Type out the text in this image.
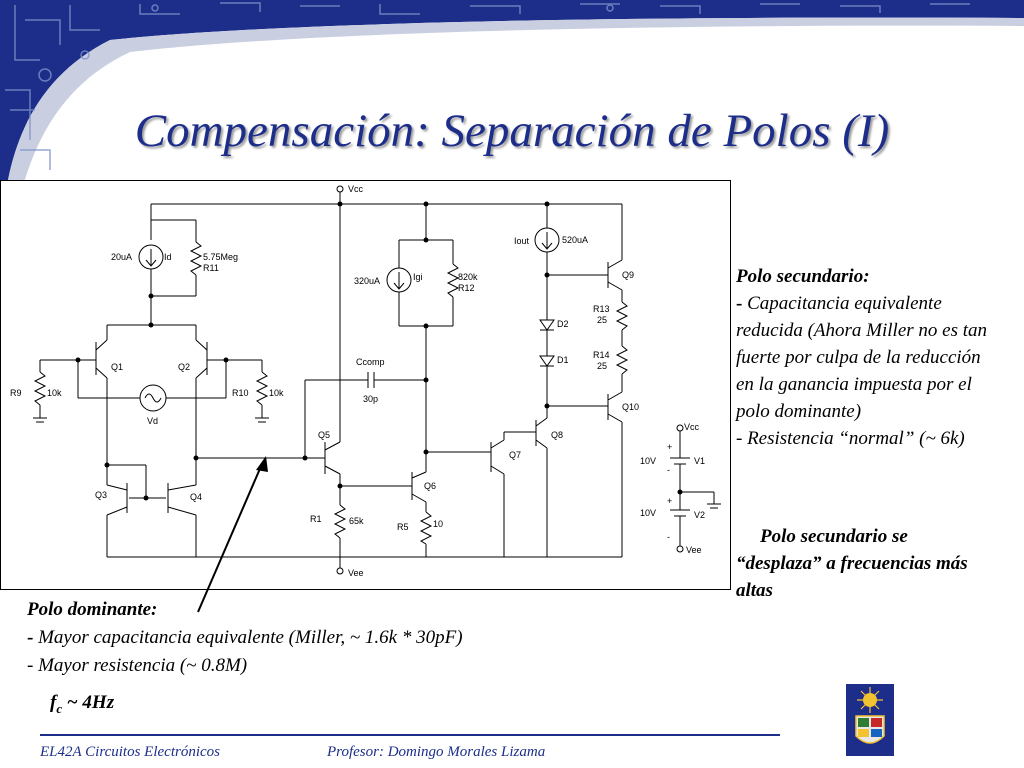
Compensación: Separación de Polos (I)
Vcc
Vee
20uA	Id	5.75Meg
R11
Q1	Q2
R9	10k	R10 10k
Vd
Q3	Q4
Ccomp
30p
Q5
R1	65k
320uA	Igi	820k
R12
Q6
R5	10
Q7
Q8
Iout	520uA
D2
D1
Q9
R13
25
R14
25
Q10
Vcc
+
-
10V	V1
+
-
10V	V2
Vee
Polo secundario:
- Capacitancia equivalente reducida (Ahora Miller no es tan fuerte por culpa de la reducción en la ganancia impuesta por el polo dominante)
- Resistencia “normal” (~ 6k)
Polo secundario se
“desplaza” a frecuencias más altas
Polo dominante:
- Mayor capacitancia equivalente (Miller, ~ 1.6k * 30pF)
- Mayor resistencia (~ 0.8M)
$f_c$ ~ 4Hz
EL42A Circuitos Electrónicos	Profesor: Domingo Morales Lizama
